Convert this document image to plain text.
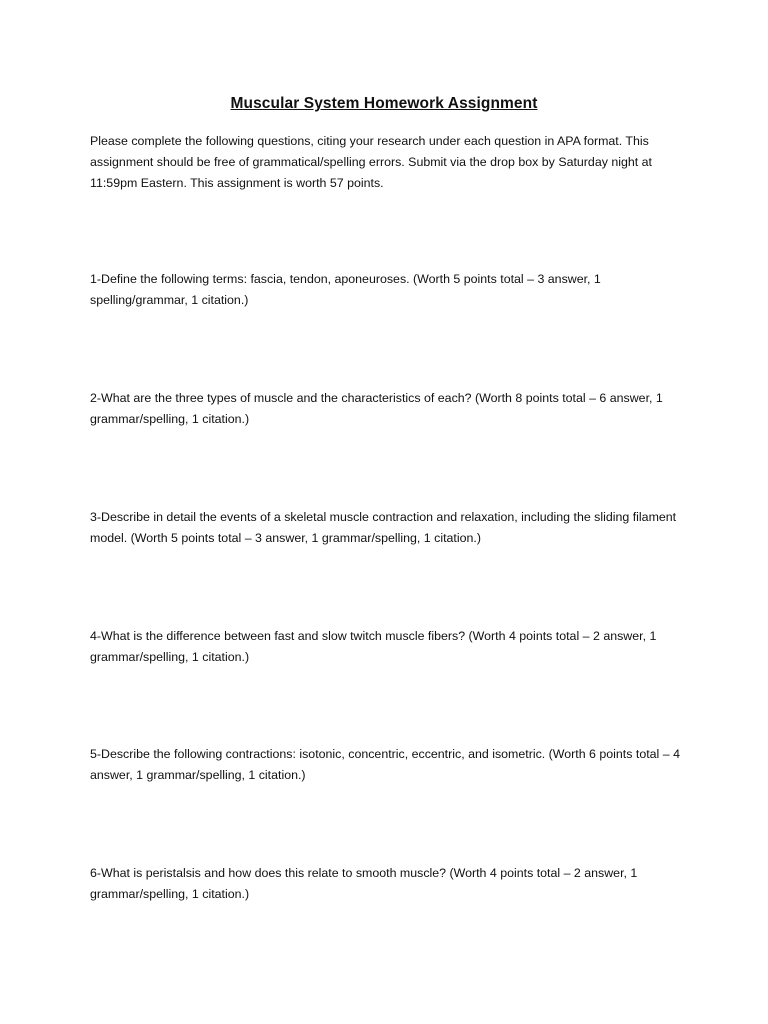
Muscular System Homework Assignment

Please complete the following questions, citing your research under each question in APA format. This assignment should be free of grammatical/spelling errors. Submit via the drop box by Saturday night at 11:59pm Eastern. This assignment is worth 57 points.

1-Define the following terms: fascia, tendon, aponeuroses. (Worth 5 points total – 3 answer, 1 spelling/grammar, 1 citation.)

2-What are the three types of muscle and the characteristics of each? (Worth 8 points total – 6 answer, 1 grammar/spelling, 1 citation.)

3-Describe in detail the events of a skeletal muscle contraction and relaxation, including the sliding filament model. (Worth 5 points total – 3 answer, 1 grammar/spelling, 1 citation.)

4-What is the difference between fast and slow twitch muscle fibers? (Worth 4 points total – 2 answer, 1 grammar/spelling, 1 citation.)

5-Describe the following contractions: isotonic, concentric, eccentric, and isometric. (Worth 6 points total – 4 answer, 1 grammar/spelling, 1 citation.)

6-What is peristalsis and how does this relate to smooth muscle? (Worth 4 points total – 2 answer, 1 grammar/spelling, 1 citation.)
